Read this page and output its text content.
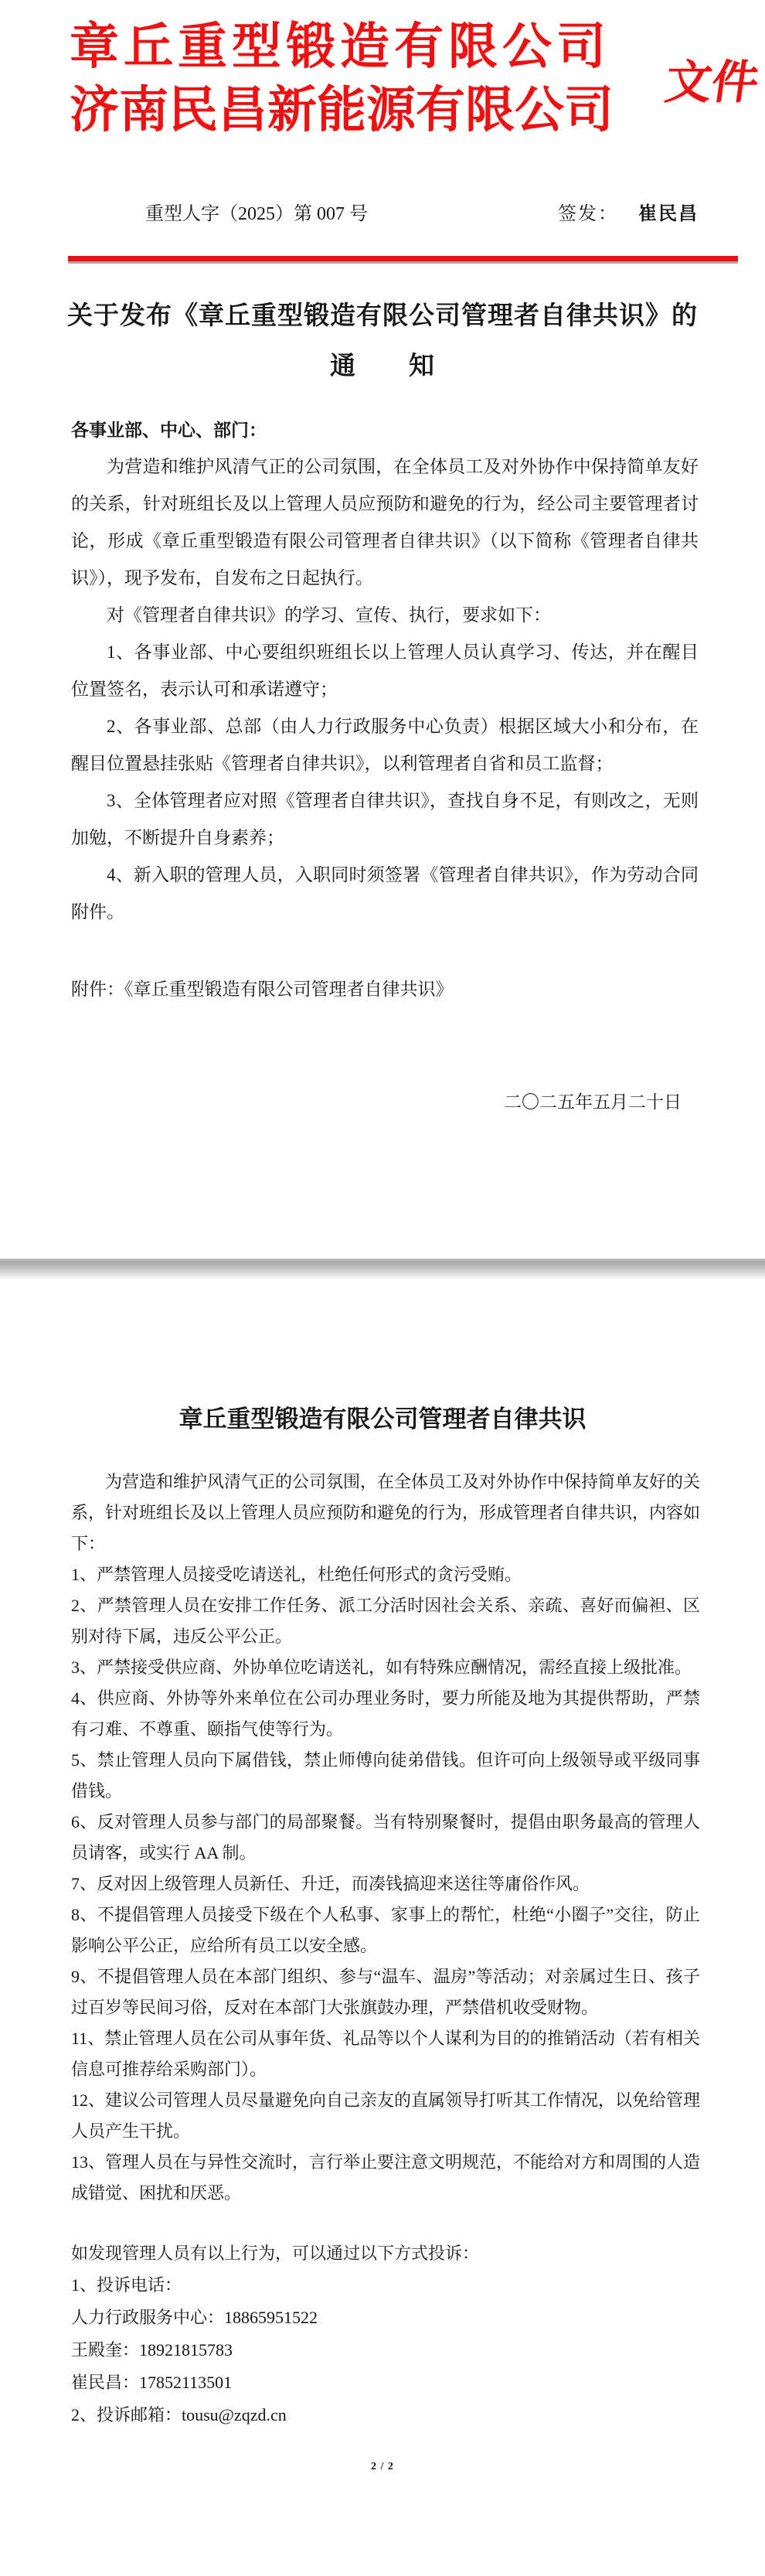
章丘重型锻造有限公司
济南民昌新能源有限公司	文件
重型人字（2025）第 007 号	签发： 崔民昌
关于发布《章丘重型锻造有限公司管理者自律共识》的
通　　知
各事业部、中心、部门：

为营造和维护风清气正的公司氛围，在全体员工及对外协作中保持简单友好的关系，针对班组长及以上管理人员应预防和避免的行为，经公司主要管理者讨论，形成《章丘重型锻造有限公司管理者自律共识》（以下简称《管理者自律共识》），现予发布，自发布之日起执行。

对《管理者自律共识》的学习、宣传、执行，要求如下：

1、各事业部、中心要组织班组长以上管理人员认真学习、传达，并在醒目位置签名，表示认可和承诺遵守；

2、各事业部、总部（由人力行政服务中心负责）根据区域大小和分布，在醒目位置悬挂张贴《管理者自律共识》，以利管理者自省和员工监督；

3、全体管理者应对照《管理者自律共识》，查找自身不足，有则改之，无则加勉，不断提升自身素养；

4、新入职的管理人员，入职同时须签署《管理者自律共识》，作为劳动合同附件。

附件：《章丘重型锻造有限公司管理者自律共识》
二〇二五年五月二十日
章丘重型锻造有限公司管理者自律共识

为营造和维护风清气正的公司氛围，在全体员工及对外协作中保持简单友好的关系，针对班组长及以上管理人员应预防和避免的行为，形成管理者自律共识，内容如下：

1、严禁管理人员接受吃请送礼，杜绝任何形式的贪污受贿。

2、严禁管理人员在安排工作任务、派工分活时因社会关系、亲疏、喜好而偏袒、区别对待下属，违反公平公正。

3、严禁接受供应商、外协单位吃请送礼，如有特殊应酬情况，需经直接上级批准。

4、供应商、外协等外来单位在公司办理业务时，要力所能及地为其提供帮助，严禁有刁难、不尊重、颐指气使等行为。

5、禁止管理人员向下属借钱，禁止师傅向徒弟借钱。但许可向上级领导或平级同事借钱。

6、反对管理人员参与部门的局部聚餐。当有特别聚餐时，提倡由职务最高的管理人员请客，或实行 AA 制。

7、反对因上级管理人员新任、升迁，而凑钱搞迎来送往等庸俗作风。

8、不提倡管理人员接受下级在个人私事、家事上的帮忙，杜绝“小圈子”交往，防止影响公平公正，应给所有员工以安全感。

9、不提倡管理人员在本部门组织、参与“温车、温房”等活动；对亲属过生日、孩子过百岁等民间习俗，反对在本部门大张旗鼓办理，严禁借机收受财物。

11、禁止管理人员在公司从事年货、礼品等以个人谋利为目的的推销活动（若有相关信息可推荐给采购部门）。

12、建议公司管理人员尽量避免向自己亲友的直属领导打听其工作情况，以免给管理人员产生干扰。

13、管理人员在与异性交流时，言行举止要注意文明规范，不能给对方和周围的人造成错觉、困扰和厌恶。

如发现管理人员有以上行为，可以通过以下方式投诉：

1、投诉电话：

人力行政服务中心：18865951522

王殿奎：18921815783

崔民昌：17852113501

2、投诉邮箱：tousu@zqzd.cn

2 / 2
